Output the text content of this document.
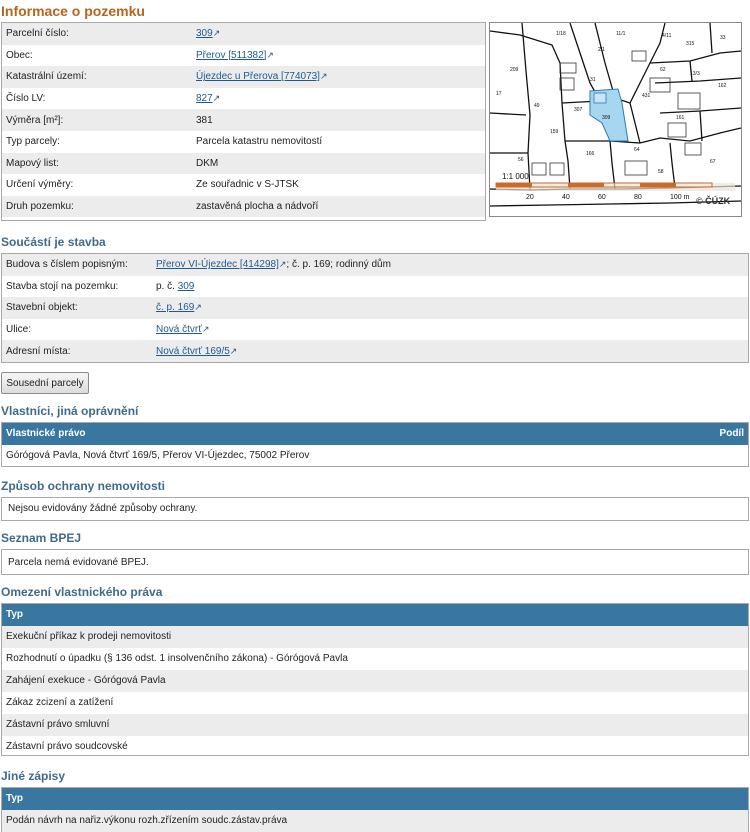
Informace o pozemku
Parcelní číslo:	309↗
Obec:	Přerov [511382]↗
Katastrální území:	Újezdec u Přerova [774073]↗
Číslo LV:	827↗
Výměra [m²]:	381
Typ parcely:	Parcela katastru nemovitostí
Mapový list:	DKM
Určení výměry:	Ze souřadnic v S-JTSK
Druh pozemku:	zastavěná plocha a nádvoří
1/18
209
2/1
11/1	4/11
315
33
17
49
307
309
31
62
13/3
431
161
162
159
166
64
67
56
58
1:1 000
20	40	60	80	100 m © ČÚZK
Součástí je stavba
Budova s číslem popisným:	Přerov VI-Újezdec [414298]↗; č. p. 169; rodinný dům
Stavba stojí na pozemku:	p. č. 309
Stavební objekt:	č. p. 169↗
Ulice:	Nová čtvrť↗
Adresní místa:	Nová čtvrť 169/5↗
Sousední parcely
Vlastníci, jiná oprávnění
Vlastnické právo	Podíl
Górógová Pavla, Nová čtvrť 169/5, Přerov VI-Újezdec, 75002 Přerov
Způsob ochrany nemovitosti
Nejsou evidovány žádné způsoby ochrany.
Seznam BPEJ
Parcela nemá evidované BPEJ.
Omezení vlastnického práva
Typ
Exekuční příkaz k prodeji nemovitosti
Rozhodnutí o úpadku (§ 136 odst. 1 insolvenčního zákona) - Górógová Pavla
Zahájení exekuce - Górógová Pavla
Zákaz zcizení a zatížení
Zástavní právo smluvní
Zástavní právo soudcovské
Jiné zápisy
Typ
Podán návrh na nařiz.výkonu rozh.zřízením soudc.zástav.práva
